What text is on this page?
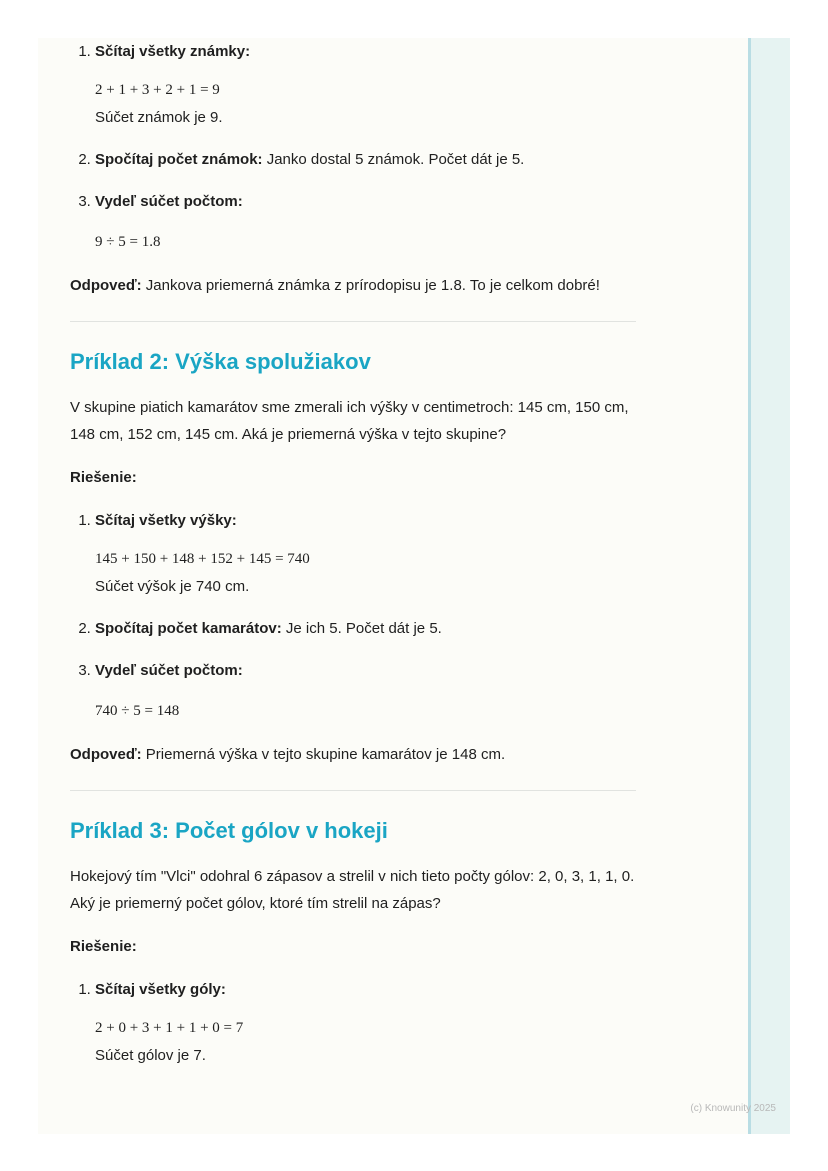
1. Sčítaj všetky známky:
2 + 1 + 3 + 2 + 1 = 9
Súčet známok je 9.
2. Spočítaj počet známok: Janko dostal 5 známok. Počet dát je 5.
3. Vydeľ súčet počtom:
9 ÷ 5 = 1.8

Odpoveď: Jankova priemerná známka z prírodopisu je 1.8. To je celkom dobré!

Príklad 2: Výška spolužiakov

V skupine piatich kamarátov sme zmerali ich výšky v centimetroch: 145 cm, 150 cm, 148 cm, 152 cm, 145 cm. Aká je priemerná výška v tejto skupine?

Riešenie:

1. Sčítaj všetky výšky:
145 + 150 + 148 + 152 + 145 = 740
Súčet výšok je 740 cm.
2. Spočítaj počet kamarátov: Je ich 5. Počet dát je 5.
3. Vydeľ súčet počtom:
740 ÷ 5 = 148

Odpoveď: Priemerná výška v tejto skupine kamarátov je 148 cm.

Príklad 3: Počet gólov v hokeji

Hokejový tím "Vlci" odohral 6 zápasov a strelil v nich tieto počty gólov: 2, 0, 3, 1, 1, 0. Aký je priemerný počet gólov, ktoré tím strelil na zápas?

Riešenie:

1. Sčítaj všetky góly:
2 + 0 + 3 + 1 + 1 + 0 = 7
Súčet gólov je 7.
(c) Knowunity 2025
